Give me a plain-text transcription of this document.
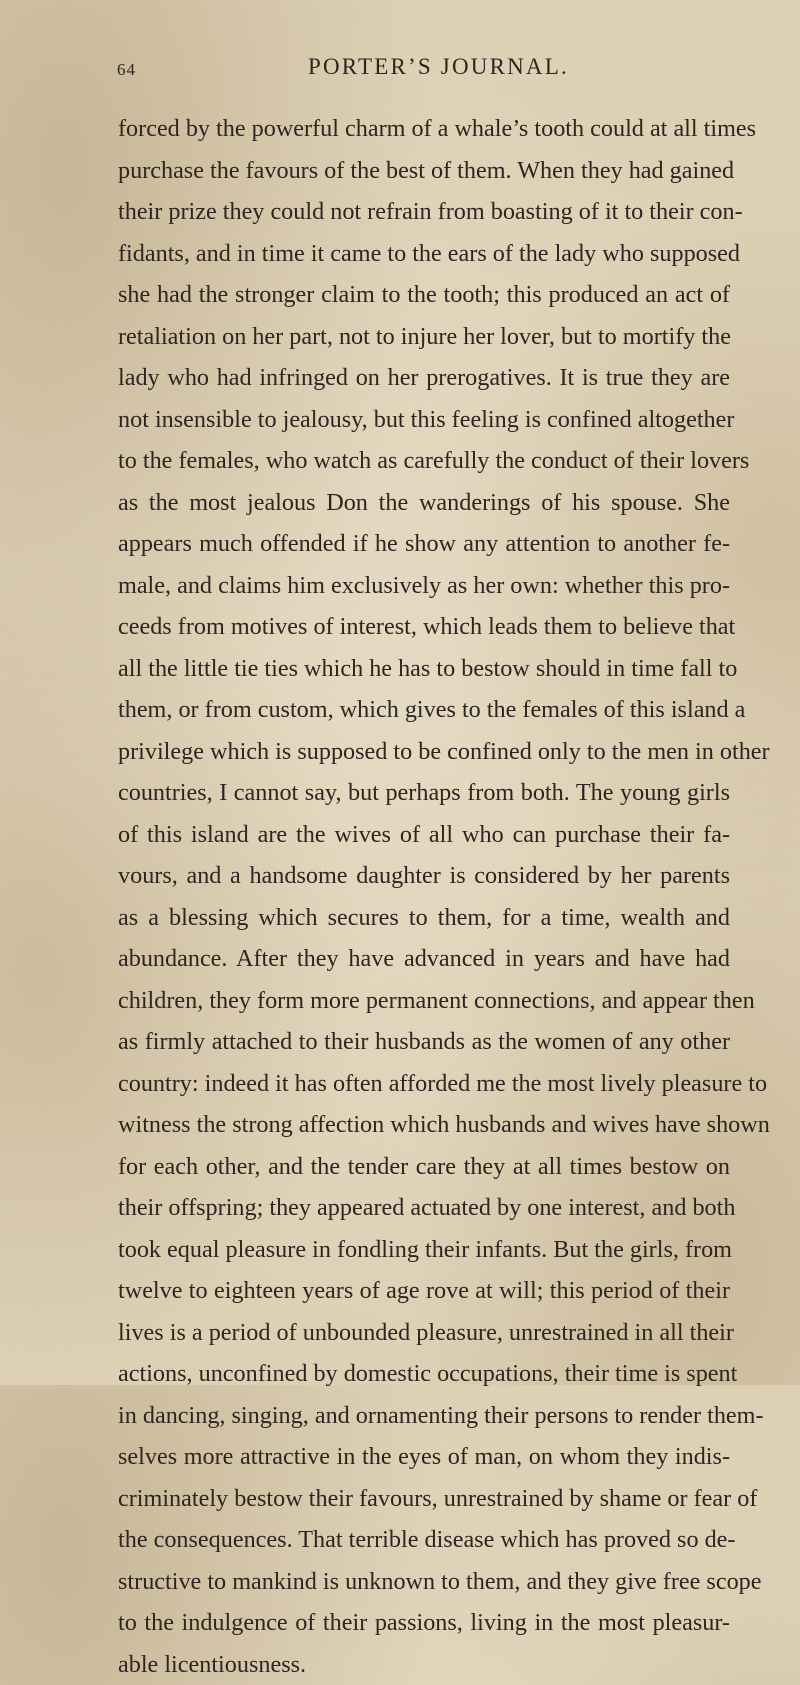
64	PORTER’S JOURNAL.
forced by the powerful charm of a whale’s tooth could at all times
purchase the favours of the best of them. When they had gained
their prize they could not refrain from boasting of it to their con-
fidants, and in time it came to the ears of the lady who supposed
she had the stronger claim to the tooth; this produced an act of
retaliation on her part, not to injure her lover, but to mortify the
lady who had infringed on her prerogatives. It is true they are
not insensible to jealousy, but this feeling is confined altogether
to the females, who watch as carefully the conduct of their lovers
as the most jealous Don the wanderings of his spouse. She
appears much offended if he show any attention to another fe-
male, and claims him exclusively as her own: whether this pro-
ceeds from motives of interest, which leads them to believe that
all the little tie ties which he has to bestow should in time fall to
them, or from custom, which gives to the females of this island a
privilege which is supposed to be confined only to the men in other
countries, I cannot say, but perhaps from both. The young girls
of this island are the wives of all who can purchase their fa-
vours, and a handsome daughter is considered by her parents
as a blessing which secures to them, for a time, wealth and
abundance. After they have advanced in years and have had
children, they form more permanent connections, and appear then
as firmly attached to their husbands as the women of any other
country: indeed it has often afforded me the most lively pleasure to
witness the strong affection which husbands and wives have shown
for each other, and the tender care they at all times bestow on
their offspring; they appeared actuated by one interest, and both
took equal pleasure in fondling their infants. But the girls, from
twelve to eighteen years of age rove at will; this period of their
lives is a period of unbounded pleasure, unrestrained in all their
actions, unconfined by domestic occupations, their time is spent
in dancing, singing, and ornamenting their persons to render them-
selves more attractive in the eyes of man, on whom they indis-
criminately bestow their favours, unrestrained by shame or fear of
the consequences. That terrible disease which has proved so de-
structive to mankind is unknown to them, and they give free scope
to the indulgence of their passions, living in the most pleasur-
able licentiousness.
